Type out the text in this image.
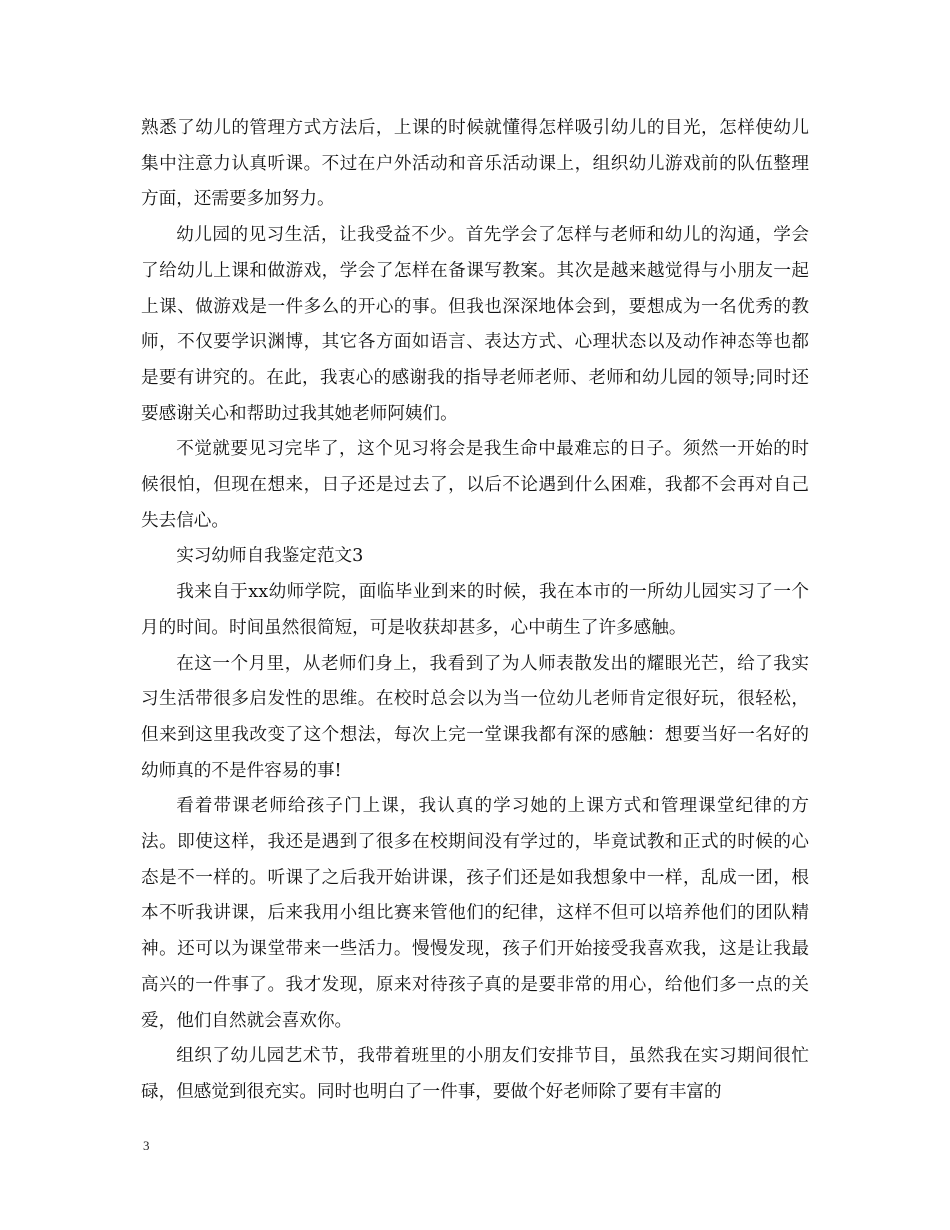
熟悉了幼儿的管理方式方法后，上课的时候就懂得怎样吸引幼儿的目光，怎样使幼儿集中注意力认真听课。不过在户外活动和音乐活动课上，组织幼儿游戏前的队伍整理方面，还需要多加努力。

幼儿园的见习生活，让我受益不少。首先学会了怎样与老师和幼儿的沟通，学会了给幼儿上课和做游戏，学会了怎样在备课写教案。其次是越来越觉得与小朋友一起上课、做游戏是一件多么的开心的事。但我也深深地体会到，要想成为一名优秀的教师，不仅要学识渊博，其它各方面如语言、表达方式、心理状态以及动作神态等也都是要有讲究的。在此，我衷心的感谢我的指导老师老师、老师和幼儿园的领导;同时还要感谢关心和帮助过我其她老师阿姨们。

不觉就要见习完毕了，这个见习将会是我生命中最难忘的日子。须然一开始的时候很怕，但现在想来，日子还是过去了，以后不论遇到什么困难，我都不会再对自己失去信心。

实习幼师自我鉴定范文3

我来自于xx幼师学院，面临毕业到来的时候，我在本市的一所幼儿园实习了一个月的时间。时间虽然很简短，可是收获却甚多，心中萌生了许多感触。

在这一个月里，从老师们身上，我看到了为人师表散发出的耀眼光芒，给了我实习生活带很多启发性的思维。在校时总会以为当一位幼儿老师肯定很好玩，很轻松，但来到这里我改变了这个想法，每次上完一堂课我都有深的感触：想要当好一名好的幼师真的不是件容易的事!

看着带课老师给孩子门上课，我认真的学习她的上课方式和管理课堂纪律的方法。即使这样，我还是遇到了很多在校期间没有学过的，毕竟试教和正式的时候的心态是不一样的。听课了之后我开始讲课，孩子们还是如我想象中一样，乱成一团，根本不听我讲课，后来我用小组比赛来管他们的纪律，这样不但可以培养他们的团队精神。还可以为课堂带来一些活力。慢慢发现，孩子们开始接受我喜欢我，这是让我最高兴的一件事了。我才发现，原来对待孩子真的是要非常的用心，给他们多一点的关爱，他们自然就会喜欢你。

组织了幼儿园艺术节，我带着班里的小朋友们安排节目，虽然我在实习期间很忙碌，但感觉到很充实。同时也明白了一件事，要做个好老师除了要有丰富的

3
